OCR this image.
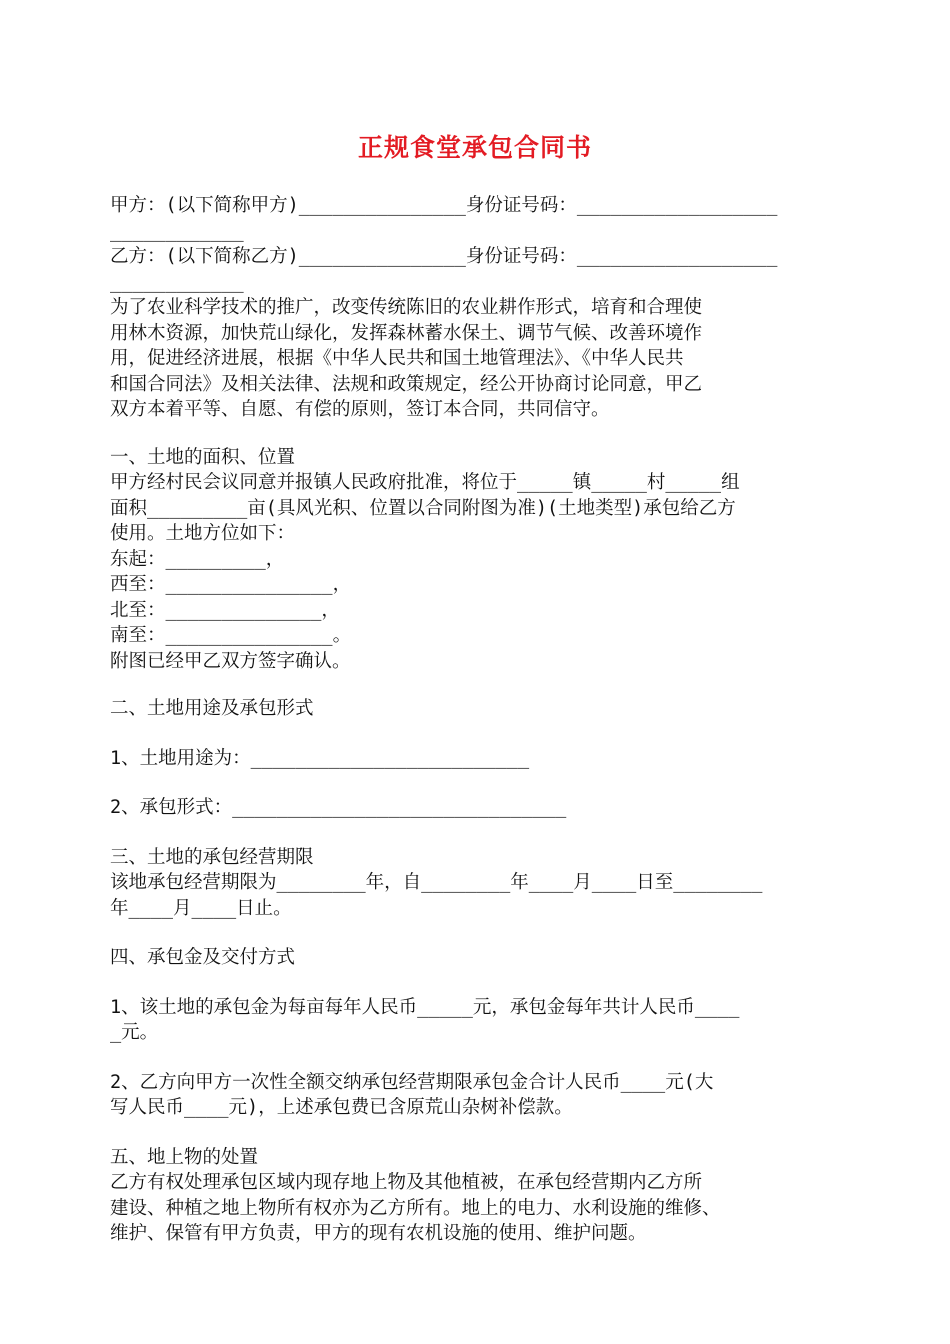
正规食堂承包合同书
甲方：(以下简称甲方)_______________身份证号码：__________________
____________
乙方：(以下简称乙方)_______________身份证号码：__________________
____________
为了农业科学技术的推广，改变传统陈旧的农业耕作形式，培育和合理使
用林木资源，加快荒山绿化，发挥森林蓄水保土、调节气候、改善环境作
用，促进经济进展，根据《中华人民共和国土地管理法》、《中华人民共
和国合同法》及相关法律、法规和政策规定，经公开协商讨论同意，甲乙
双方本着平等、自愿、有偿的原则，签订本合同，共同信守。
一、土地的面积、位置
甲方经村民会议同意并报镇人民政府批准，将位于_____镇_____村_____组
面积_________亩(具风光积、位置以合同附图为准)(土地类型)承包给乙方
使用。土地方位如下：
东起：_________，
西至：_______________，
北至：______________，
南至：_______________。
附图已经甲乙双方签字确认。
二、土地用途及承包形式
1、土地用途为：_________________________
2、承包形式：______________________________
三、土地的承包经营期限
该地承包经营期限为________年，自________年____月____日至________
年____月____日止。
四、承包金及交付方式
1、该土地的承包金为每亩每年人民币_____元，承包金每年共计人民币____
_元。
2、乙方向甲方一次性全额交纳承包经营期限承包金合计人民币____元(大
写人民币____元)，上述承包费已含原荒山杂树补偿款。
五、地上物的处置
乙方有权处理承包区域内现存地上物及其他植被，在承包经营期内乙方所
建设、种植之地上物所有权亦为乙方所有。地上的电力、水利设施的维修、
维护、保管有甲方负责，甲方的现有农机设施的使用、维护问题。
